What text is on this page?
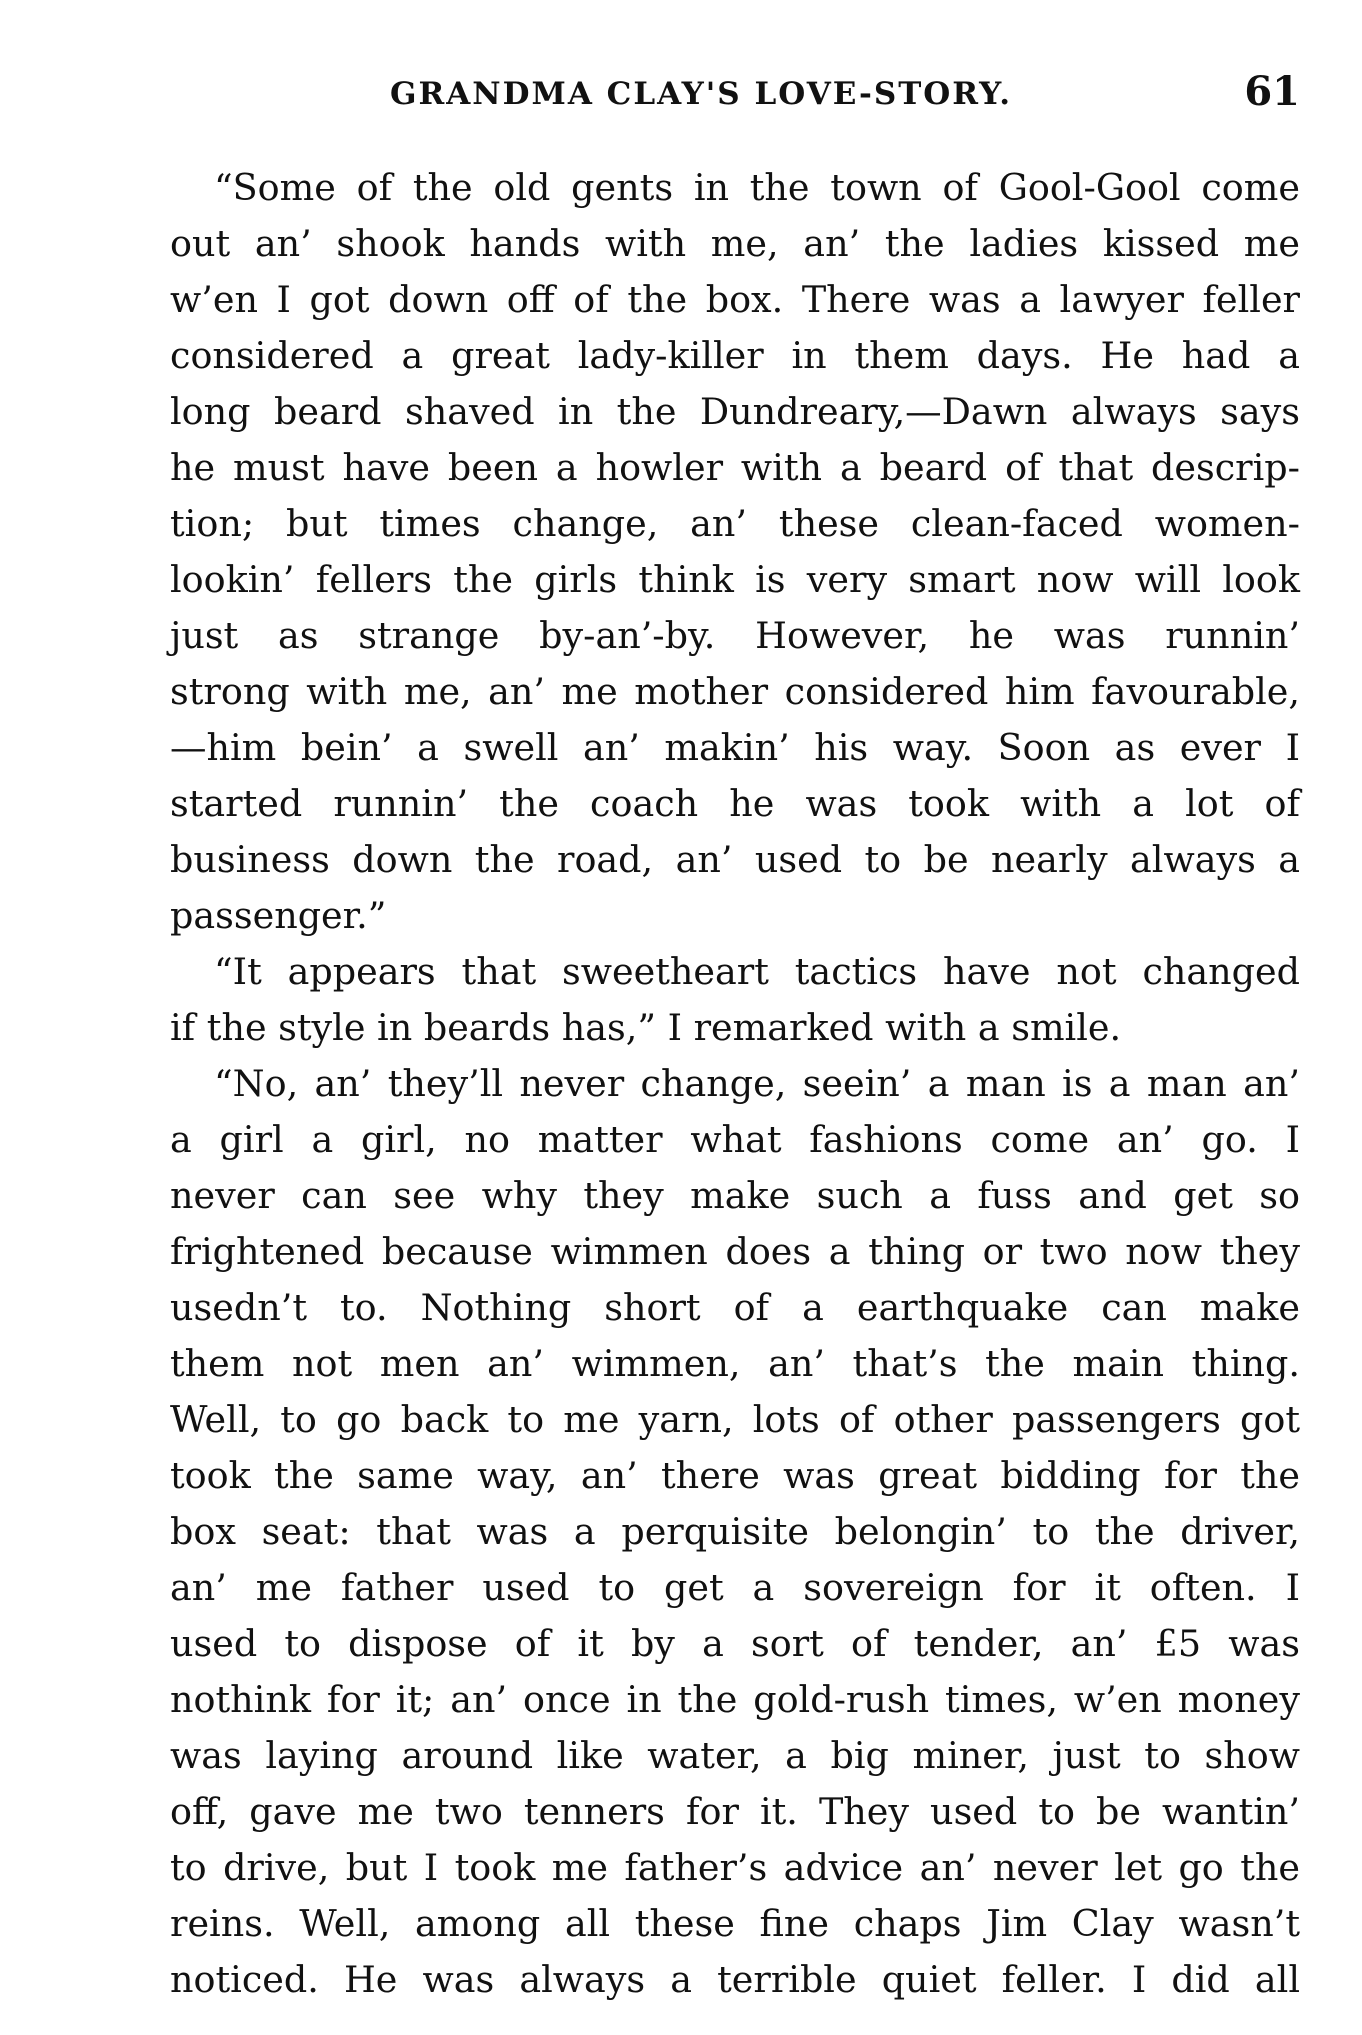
GRANDMA CLAY'S LOVE-STORY.	61
“Some of the old gents in the town of Gool-Gool come
out an’ shook hands with me, an’ the ladies kissed me
w’en I got down off of the box. There was a lawyer feller
considered a great lady-killer in them days. He had a
long beard shaved in the Dundreary,—Dawn always says
he must have been a howler with a beard of that descrip-
tion; but times change, an’ these clean-faced women-
lookin’ fellers the girls think is very smart now will look
just as strange by-an’-by. However, he was runnin’
strong with me, an’ me mother considered him favourable,
—him bein’ a swell an’ makin’ his way. Soon as ever I
started runnin’ the coach he was took with a lot of
business down the road, an’ used to be nearly always a
passenger.”
“It appears that sweetheart tactics have not changed
if the style in beards has,” I remarked with a smile.
“No, an’ they’ll never change, seein’ a man is a man an’
a girl a girl, no matter what fashions come an’ go. I
never can see why they make such a fuss and get so
frightened because wimmen does a thing or two now they
usedn’t to. Nothing short of a earthquake can make
them not men an’ wimmen, an’ that’s the main thing.
Well, to go back to me yarn, lots of other passengers got
took the same way, an’ there was great bidding for the
box seat: that was a perquisite belongin’ to the driver,
an’ me father used to get a sovereign for it often. I
used to dispose of it by a sort of tender, an’ £5 was
nothink for it; an’ once in the gold-rush times, w’en money
was laying around like water, a big miner, just to show
off, gave me two tenners for it. They used to be wantin’
to drive, but I took me father’s advice an’ never let go the
reins. Well, among all these fine chaps Jim Clay wasn’t
noticed. He was always a terrible quiet feller. I did all
